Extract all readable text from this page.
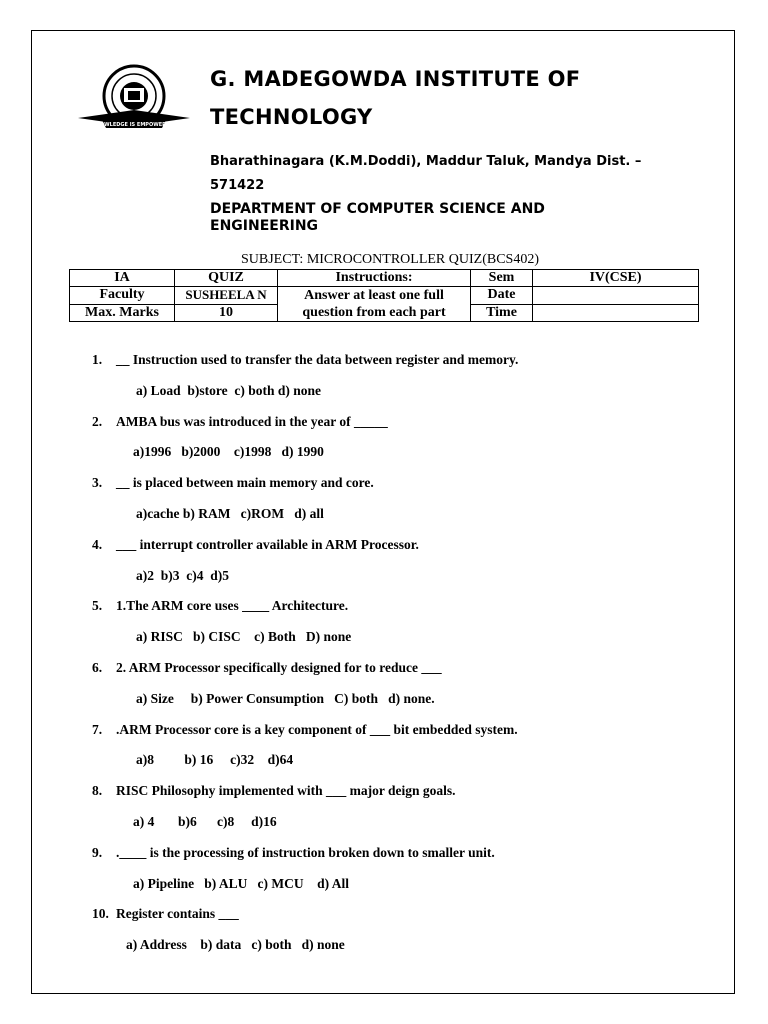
KNOWLEDGE IS EMPOWERING
G. MADEGOWDA INSTITUTE OF
TECHNOLOGY
Bharathinagara (K.M.Doddi), Maddur Taluk, Mandya Dist. –
571422
DEPARTMENT OF COMPUTER SCIENCE AND ENGINEERING
SUBJECT: MICROCONTROLLER QUIZ(BCS402)
IA	QUIZ	Instructions:	Sem	IV(CSE)
Faculty	SUSHEELA N	Answer at least one full question from each part	Date	
Max. Marks	10		Time	
1. __ Instruction used to transfer the data between register and memory.
a) Load  b)store  c) both d) none
2. AMBA bus was introduced in the year of _____
a)1996   b)2000    c)1998   d) 1990
3. __ is placed between main memory and core.
a)cache b) RAM   c)ROM   d) all
4. ___ interrupt controller available in ARM Processor.
a)2  b)3  c)4  d)5
5. 1.The ARM core uses ____ Architecture.
a) RISC   b) CISC    c) Both   D) none
6. 2. ARM Processor specifically designed for to reduce ___
a) Size     b) Power Consumption   C) both   d) none.
7. .ARM Processor core is a key component of ___ bit embedded system.
a)8         b) 16     c)32    d)64
8. RISC Philosophy implemented with ___ major deign goals.
a) 4       b)6      c)8     d)16
9. .____ is the processing of instruction broken down to smaller unit.
a) Pipeline   b) ALU   c) MCU    d) All
10. Register contains ___
a) Address    b) data   c) both   d) none
